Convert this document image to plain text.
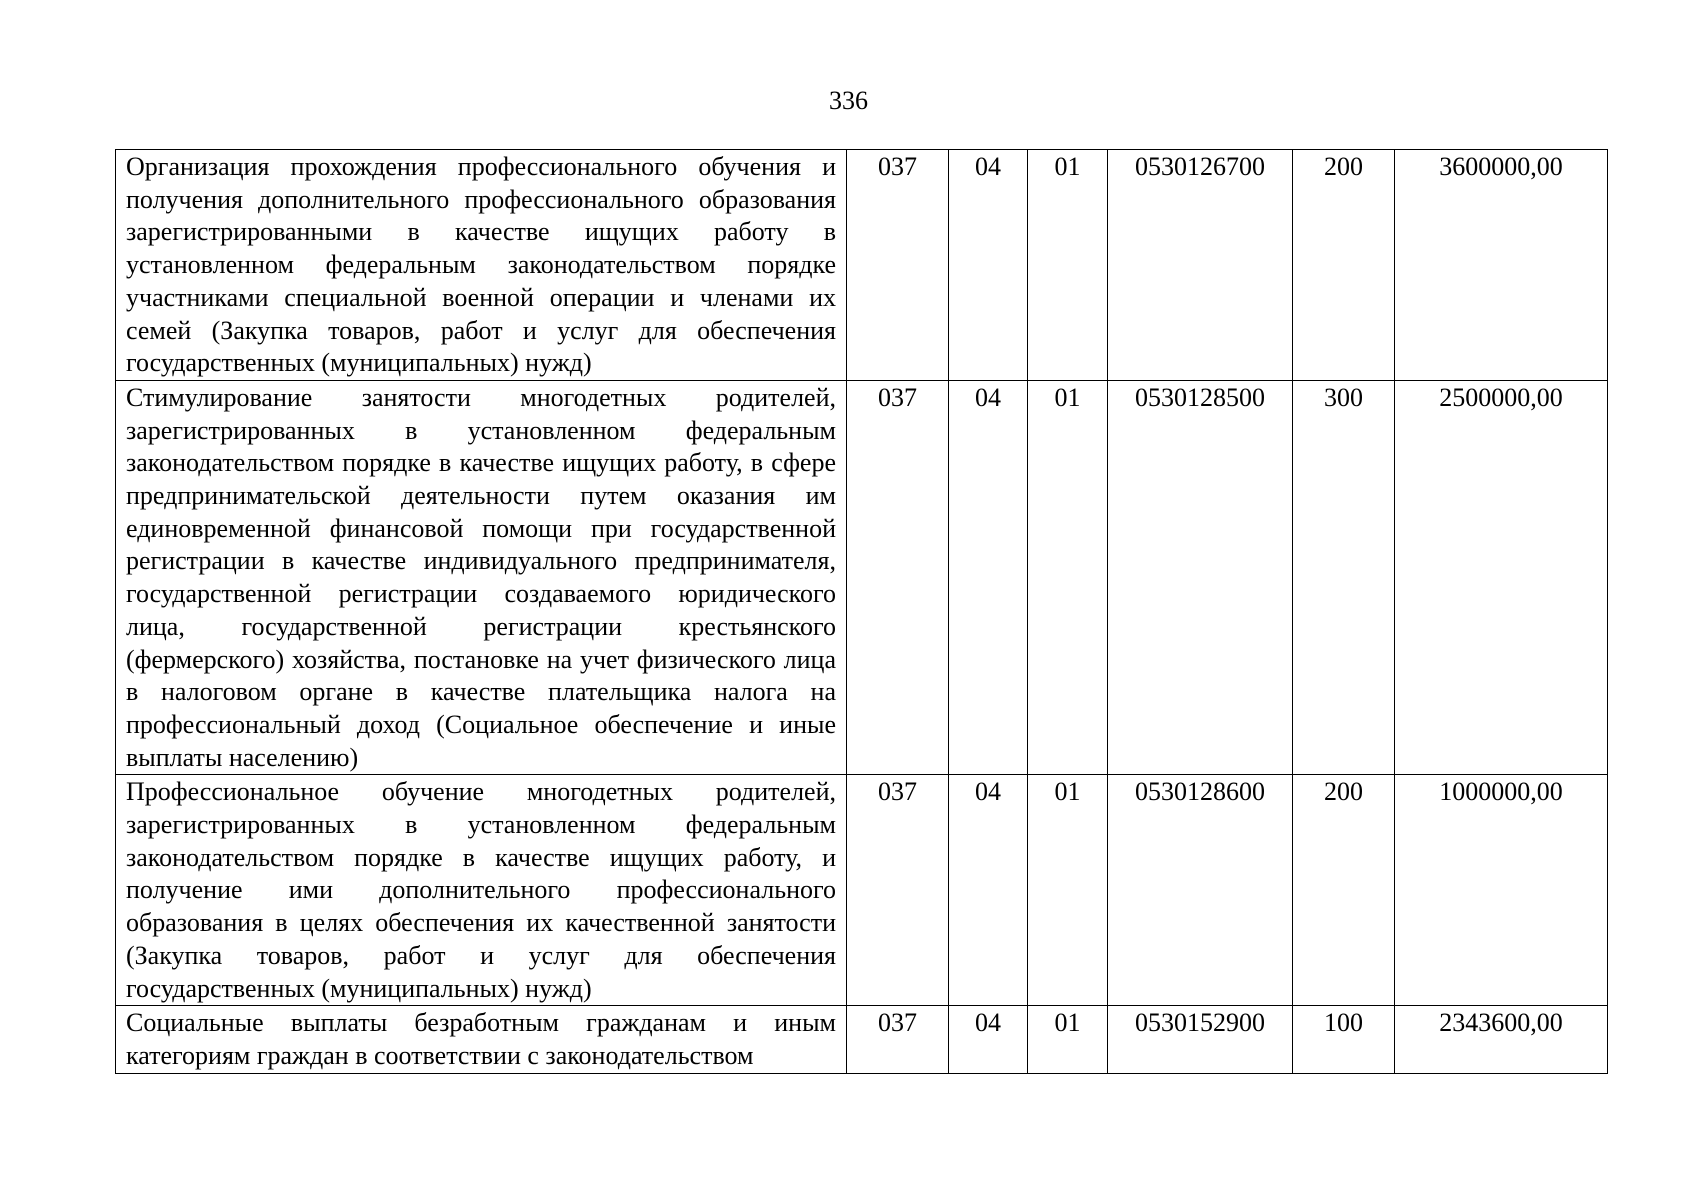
336
Организация прохождения профессионального обучения и получения дополнительного профессионального образования зарегистрированными в качестве ищущих работу в установленном федеральным законодательством порядке участниками специальной военной операции и членами их семей (Закупка товаров, работ и услуг для обеспечения государственных (муниципальных) нужд)	037	04	01	0530126700	200	3600000,00
Стимулирование занятости многодетных родителей, зарегистрированных в установленном федеральным законодательством порядке в качестве ищущих работу, в сфере предпринимательской деятельности путем оказания им единовременной финансовой помощи при государственной регистрации в качестве индивидуального предпринимателя, государственной регистрации создаваемого юридического лица, государственной регистрации крестьянского (фермерского) хозяйства, постановке на учет физического лица в налоговом органе в качестве плательщика налога на профессиональный доход (Социальное обеспечение и иные выплаты населению)	037	04	01	0530128500	300	2500000,00
Профессиональное обучение многодетных родителей, зарегистрированных в установленном федеральным законодательством порядке в качестве ищущих работу, и получение ими дополнительного профессионального образования в целях обеспечения их качественной занятости (Закупка товаров, работ и услуг для обеспечения государственных (муниципальных) нужд)	037	04	01	0530128600	200	1000000,00
Социальные выплаты безработным гражданам и иным категориям граждан в соответствии с законодательством	037	04	01	0530152900	100	2343600,00
